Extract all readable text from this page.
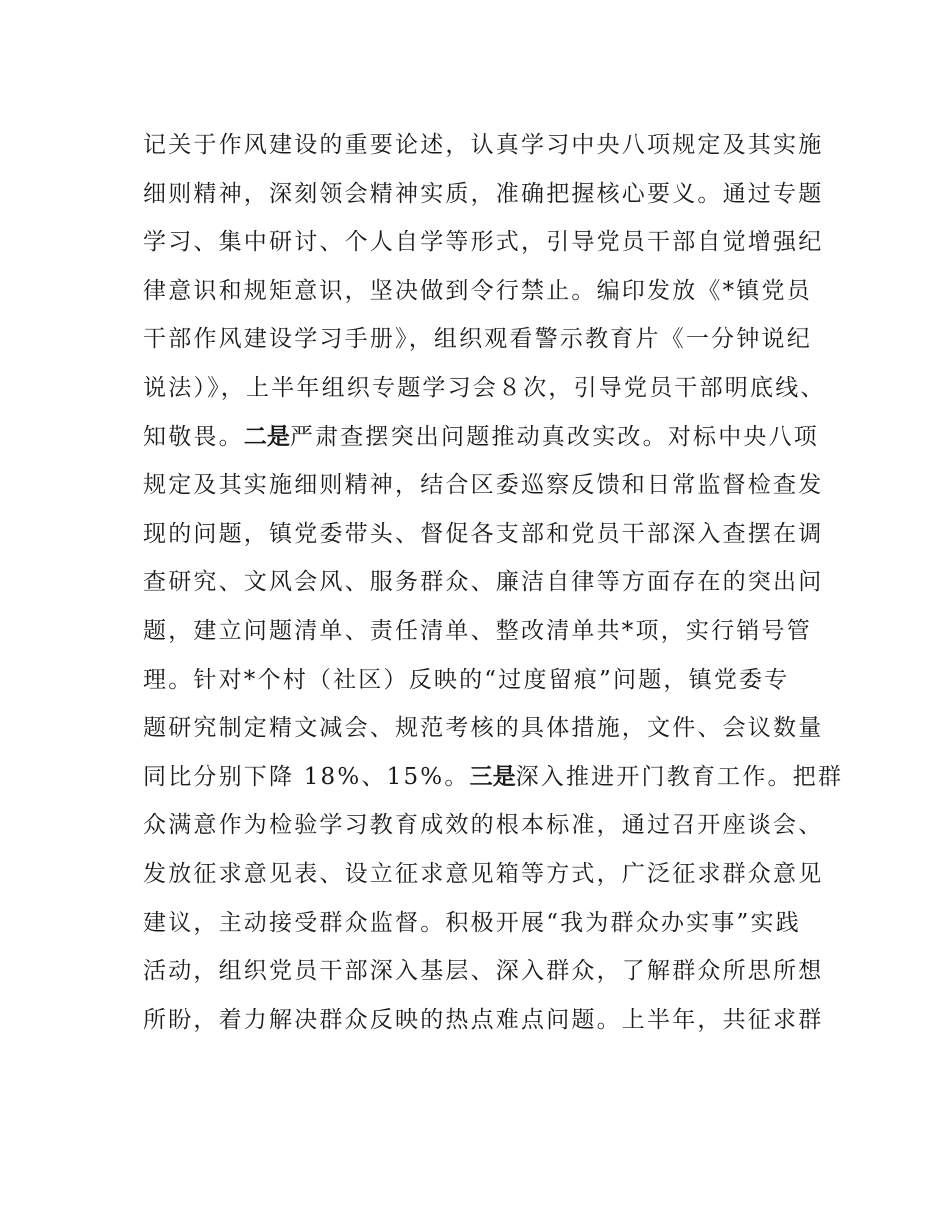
记关于作风建设的重要论述，认真学习中央八项规定及其实施
细则精神，深刻领会精神实质，准确把握核心要义。通过专题
学习、集中研讨、个人自学等形式，引导党员干部自觉增强纪
律意识和规矩意识，坚决做到令行禁止。编印发放《*镇党员
干部作风建设学习手册》，组织观看警示教育片《一分钟说纪
说法）》，上半年组织专题学习会８次，引导党员干部明底线、
知敬畏。二是严肃查摆突出问题推动真改实改。对标中央八项
规定及其实施细则精神，结合区委巡察反馈和日常监督检查发
现的问题，镇党委带头、督促各支部和党员干部深入查摆在调
查研究、文风会风、服务群众、廉洁自律等方面存在的突出问
题，建立问题清单、责任清单、整改清单共*项，实行销号管
理。针对*个村（社区）反映的“过度留痕”问题，镇党委专
题研究制定精文减会、规范考核的具体措施，文件、会议数量
同比分别下降 18%、15%。三是深入推进开门教育工作。把群
众满意作为检验学习教育成效的根本标准，通过召开座谈会、
发放征求意见表、设立征求意见箱等方式，广泛征求群众意见
建议，主动接受群众监督。积极开展“我为群众办实事”实践
活动，组织党员干部深入基层、深入群众，了解群众所思所想
所盼，着力解决群众反映的热点难点问题。上半年，共征求群
